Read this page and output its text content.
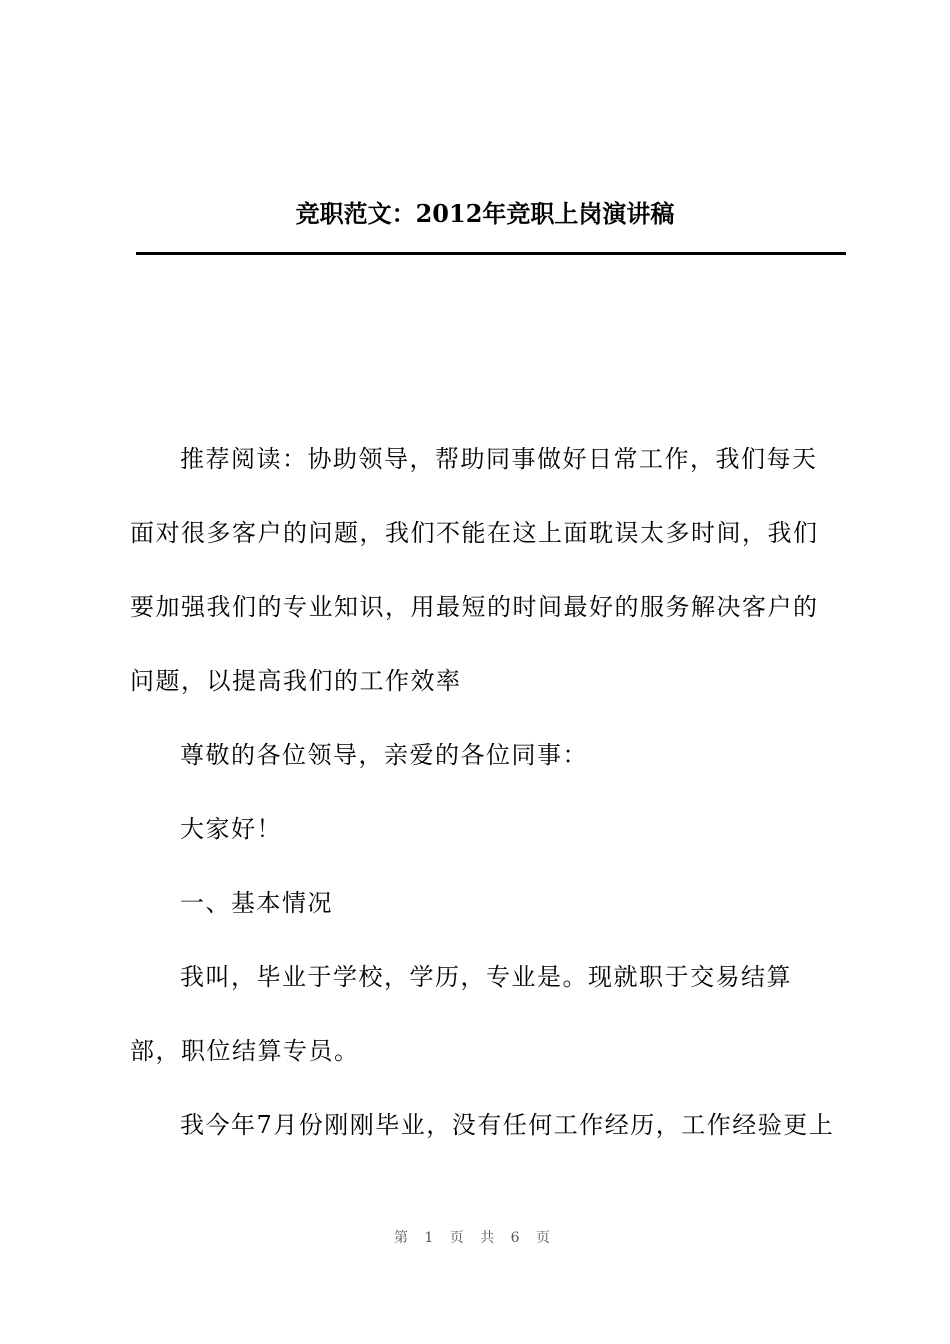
竞职范文：2012年竞职上岗演讲稿

推荐阅读：协助领导，帮助同事做好日常工作，我们每天面对很多客户的问题，我们不能在这上面耽误太多时间，我们要加强我们的专业知识，用最短的时间最好的服务解决客户的问题，以提高我们的工作效率

尊敬的各位领导，亲爱的各位同事：

大家好！

一、基本情况

我叫，毕业于学校，学历，专业是。现就职于交易结算部，职位结算专员。

我今年7月份刚刚毕业，没有任何工作经历，工作经验更上

第 1 页 共 6 页
